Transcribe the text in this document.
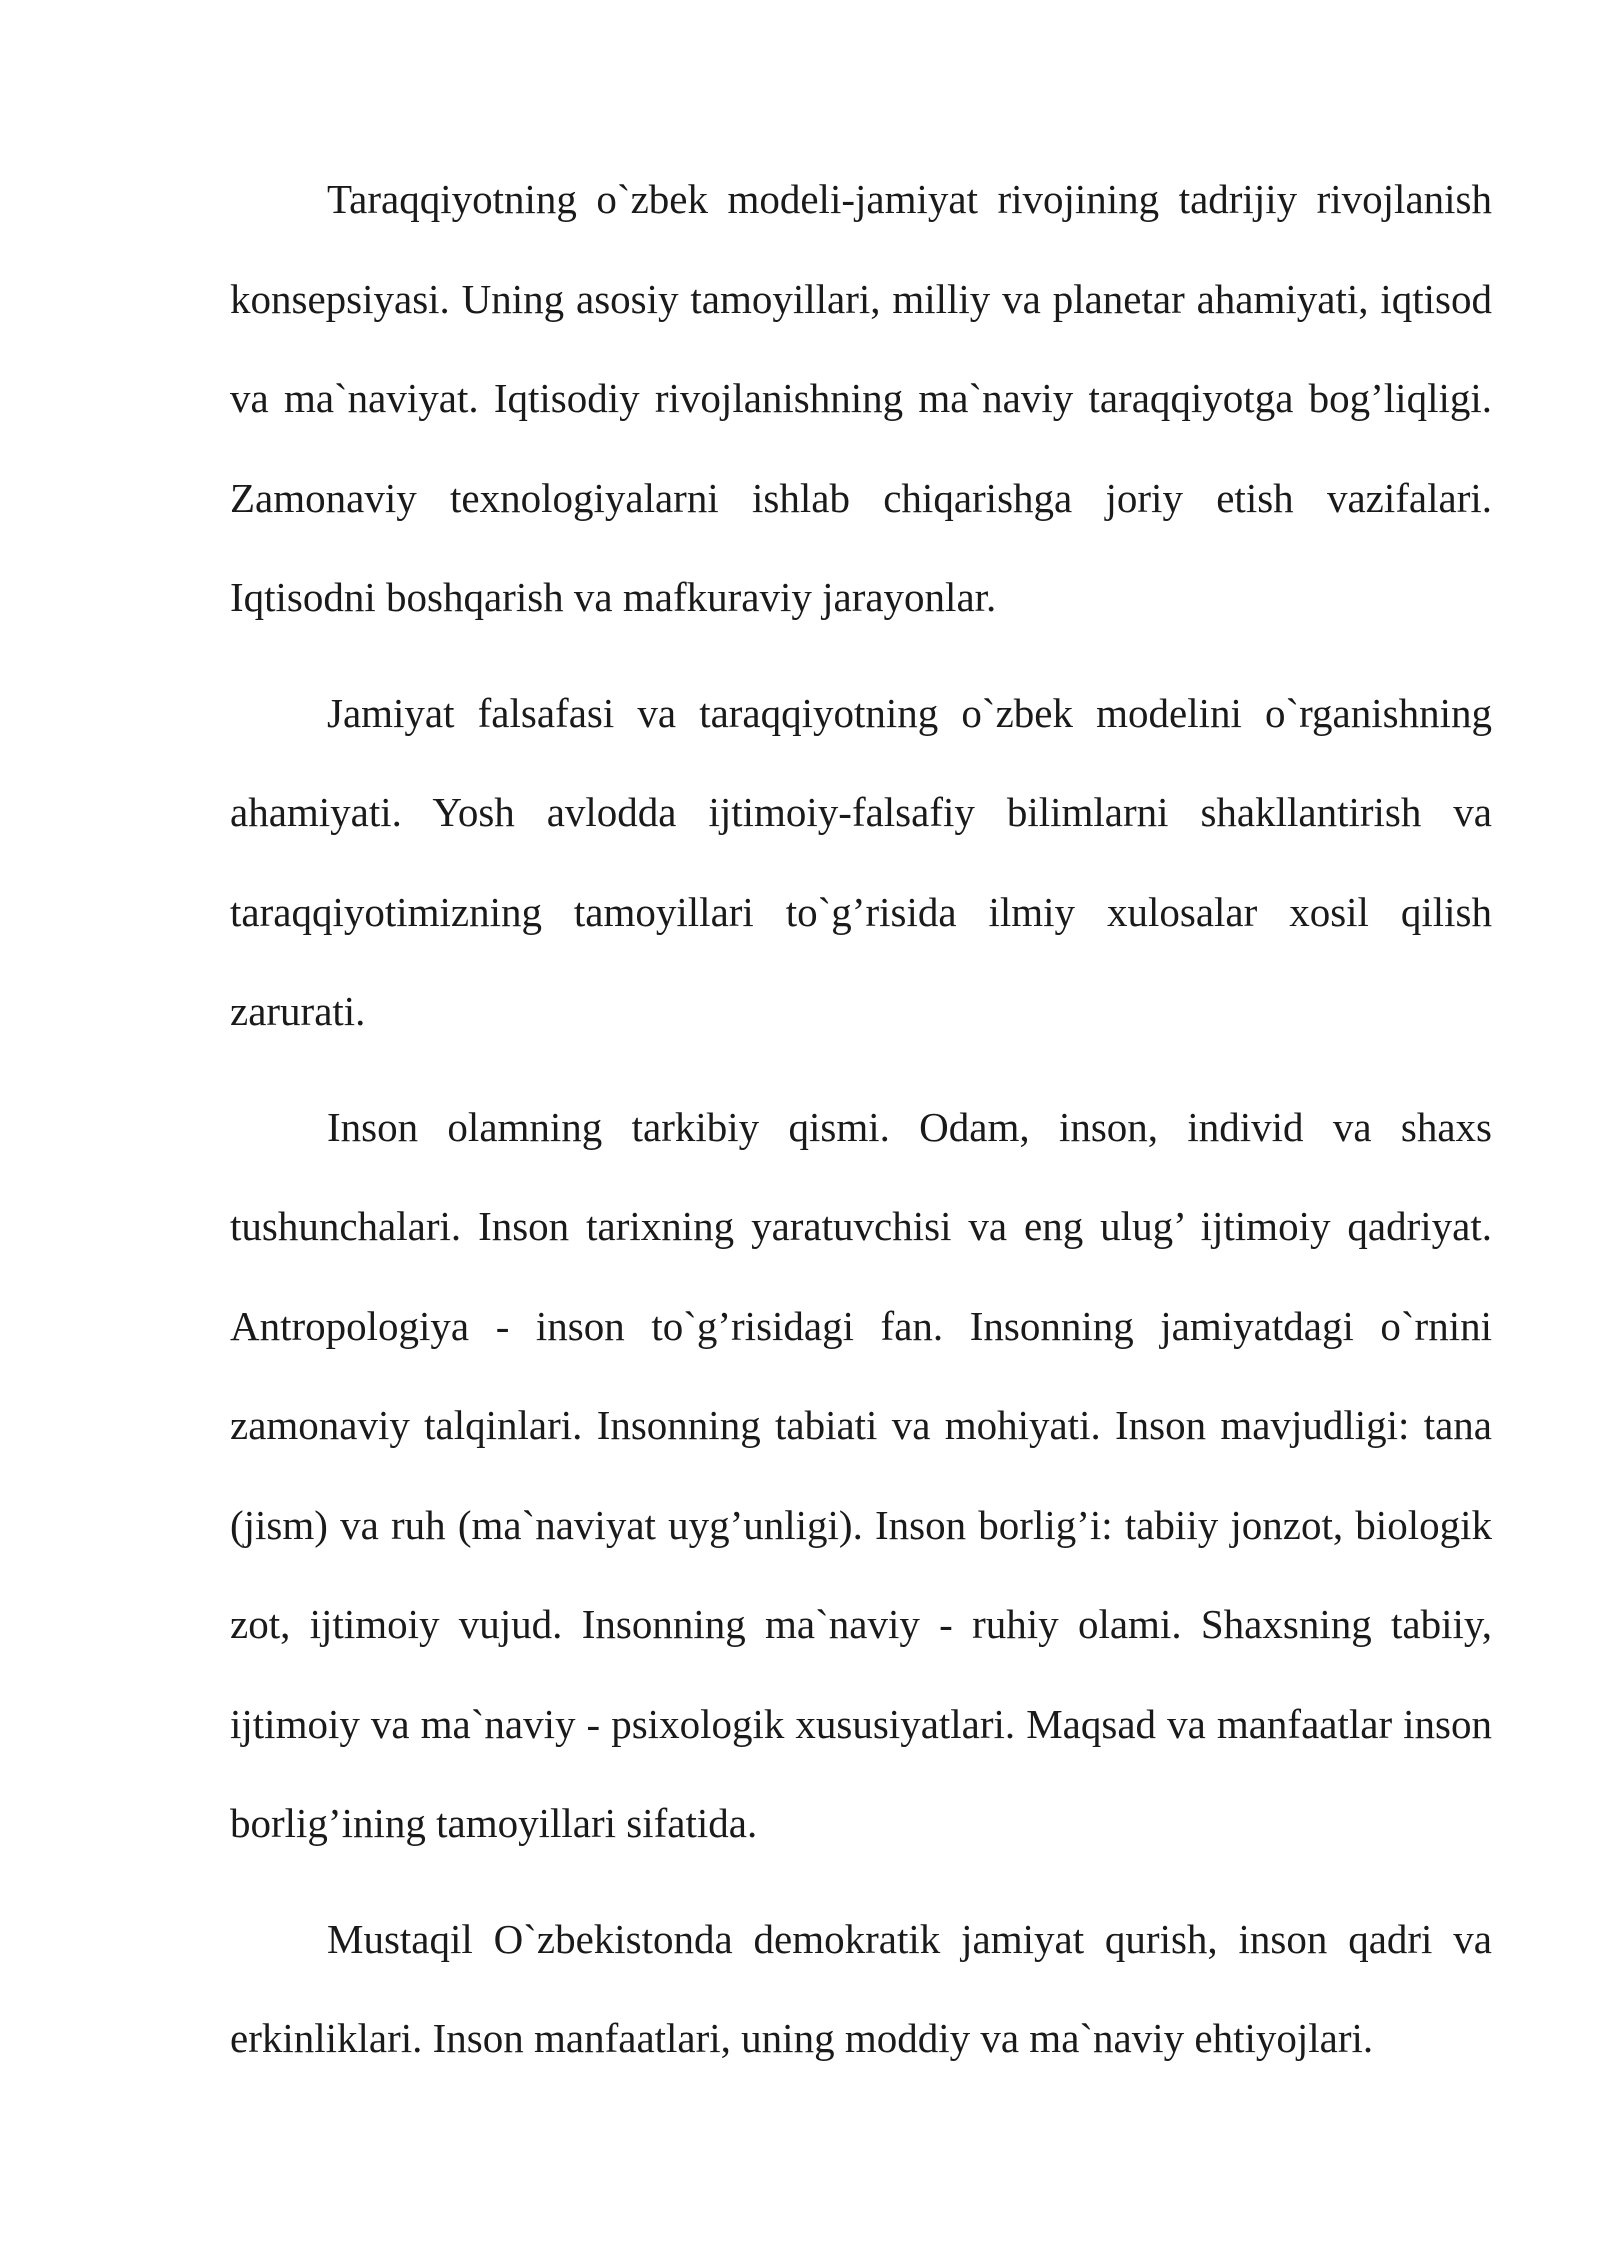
Taraqqiyotning o`zbek modeli-jamiyat rivojining tadrijiy rivojlanish konsepsiyasi. Uning asosiy tamoyillari, milliy va planetar ahamiyati, iqtisod va ma`naviyat. Iqtisodiy rivojlanishning ma`naviy taraqqiyotga bog’liqligi. Zamonaviy texnologiyalarni ishlab chiqarishga joriy etish vazifalari. Iqtisodni boshqarish va mafkuraviy jarayonlar.

Jamiyat falsafasi va taraqqiyotning o`zbek modelini o`rganishning ahamiyati. Yosh avlodda ijtimoiy-falsafiy bilimlarni shakllantirish va taraqqiyotimizning tamoyillari to`g’risida ilmiy xulosalar xosil qilish zarurati.

Inson olamning tarkibiy qismi. Odam, inson, individ va shaxs tushunchalari. Inson tarixning yaratuvchisi va eng ulug’ ijtimoiy qadriyat. Antropologiya - inson to`g’risidagi fan. Insonning jamiyatdagi o`rnini zamonaviy talqinlari. Insonning tabiati va mohiyati. Inson mavjudligi: tana (jism) va ruh (ma`naviyat uyg’unligi). Inson borlig’i: tabiiy jonzot, biologik zot, ijtimoiy vujud. Insonning ma`naviy - ruhiy olami. Shaxsning tabiiy, ijtimoiy va ma`naviy - psixologik xususiyatlari. Maqsad va manfaatlar inson borlig’ining tamoyillari sifatida.

Mustaqil O`zbekistonda demokratik jamiyat qurish, inson qadri va erkinliklari. Inson manfaatlari, uning moddiy va ma`naviy ehtiyojlari.
